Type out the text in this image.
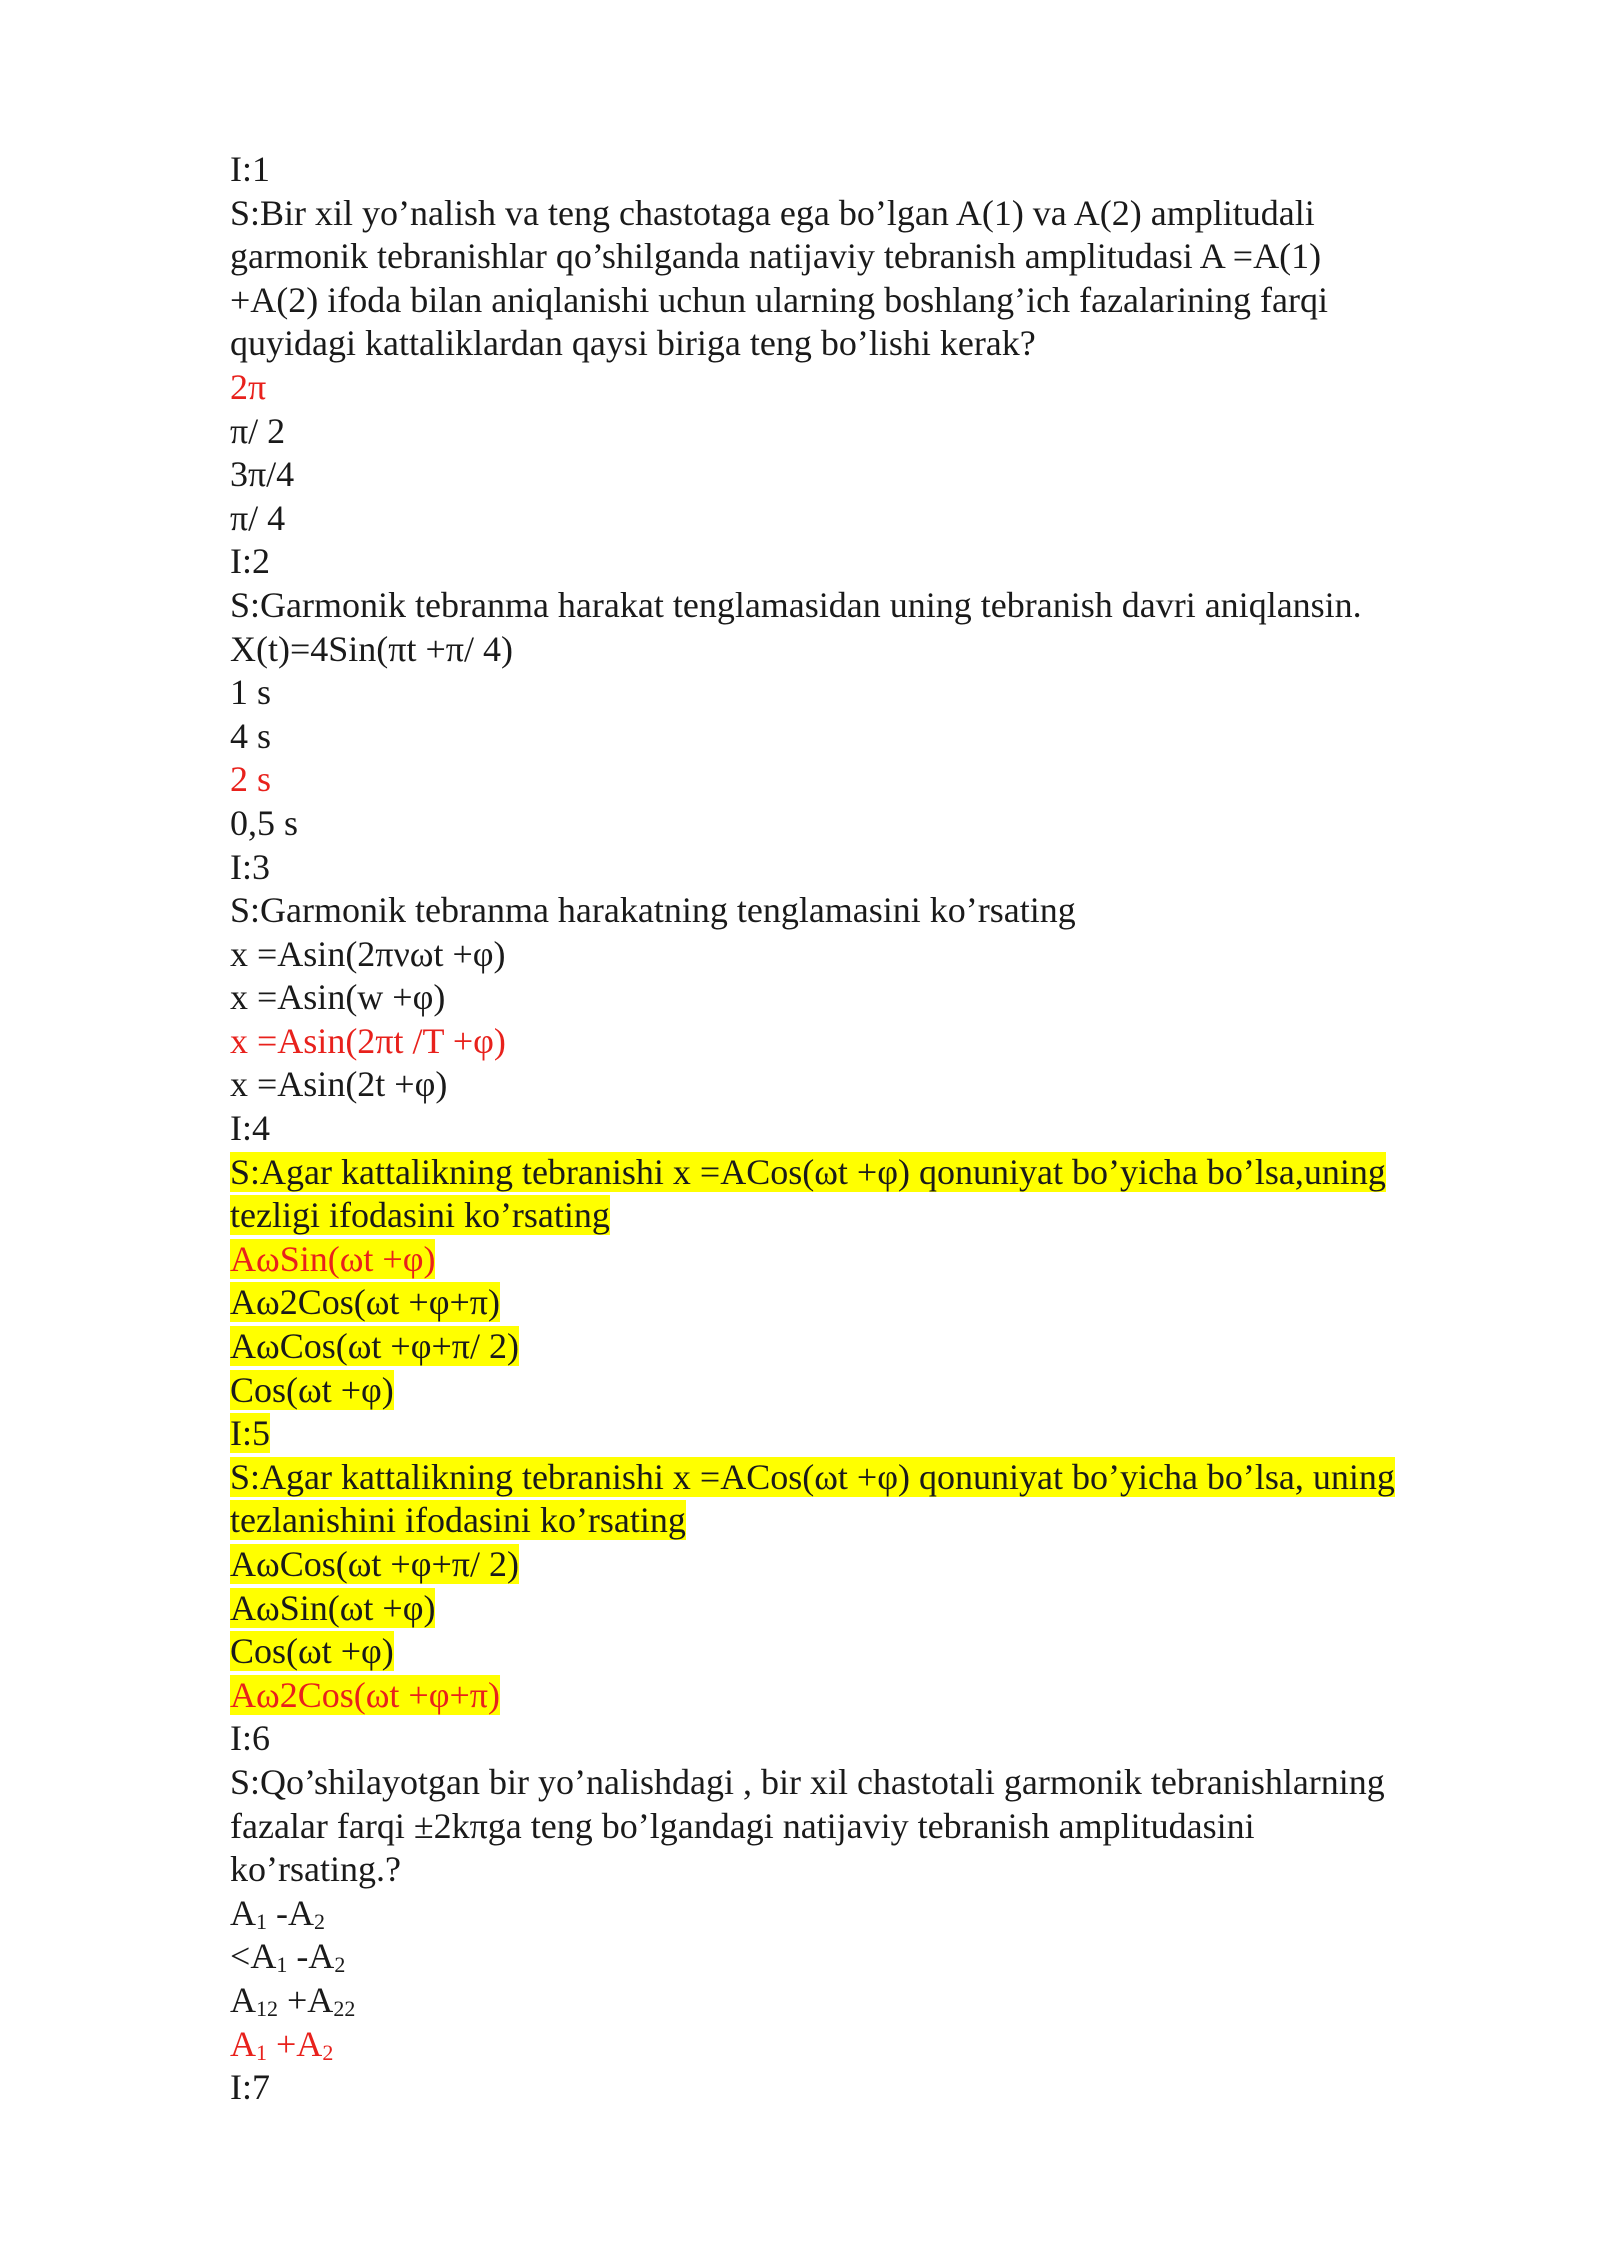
I:1
S:Bir xil yo’nalish va teng chastotaga ega bo’lgan A(1) va A(2) amplitudali
garmonik tebranishlar qo’shilganda natijaviy tebranish amplitudasi A =A(1)
+A(2) ifoda bilan aniqlanishi uchun ularning boshlang’ich fazalarining farqi
quyidagi kattaliklardan qaysi biriga teng bo’lishi kerak?
2π
π/ 2
3π/4
π/ 4
I:2
S:Garmonik tebranma harakat tenglamasidan uning tebranish davri aniqlansin.
X(t)=4Sin(πt +π/ 4)
1 s
4 s
2 s
0,5 s
I:3
S:Garmonik tebranma harakatning tenglamasini ko’rsating
x =Asin(2πνωt +φ)
x =Asin(w +φ)
x =Asin(2πt /T +φ)
x =Asin(2t +φ)
I:4
S:Agar kattalikning tebranishi x =ACos(ωt +φ) qonuniyat bo’yicha bo’lsa,uning
tezligi ifodasini ko’rsating
AωSin(ωt +φ)
Aω2Cos(ωt +φ+π)
AωCos(ωt +φ+π/ 2)
Cos(ωt +φ)
I:5
S:Agar kattalikning tebranishi x =ACos(ωt +φ) qonuniyat bo’yicha bo’lsa, uning
tezlanishini ifodasini ko’rsating
AωCos(ωt +φ+π/ 2)
AωSin(ωt +φ)
Cos(ωt +φ)
Aω2Cos(ωt +φ+π)
I:6
S:Qo’shilayotgan bir yo’nalishdagi , bir xil chastotali garmonik tebranishlarning
fazalar farqi ±2kπga teng bo’lgandagi natijaviy tebranish amplitudasini
ko’rsating.?
$A_1$ $-A_2$
$<A_1$ $-A_2$
$A_{12} +A_{22}$
$A_1 +A_2$
I:7
